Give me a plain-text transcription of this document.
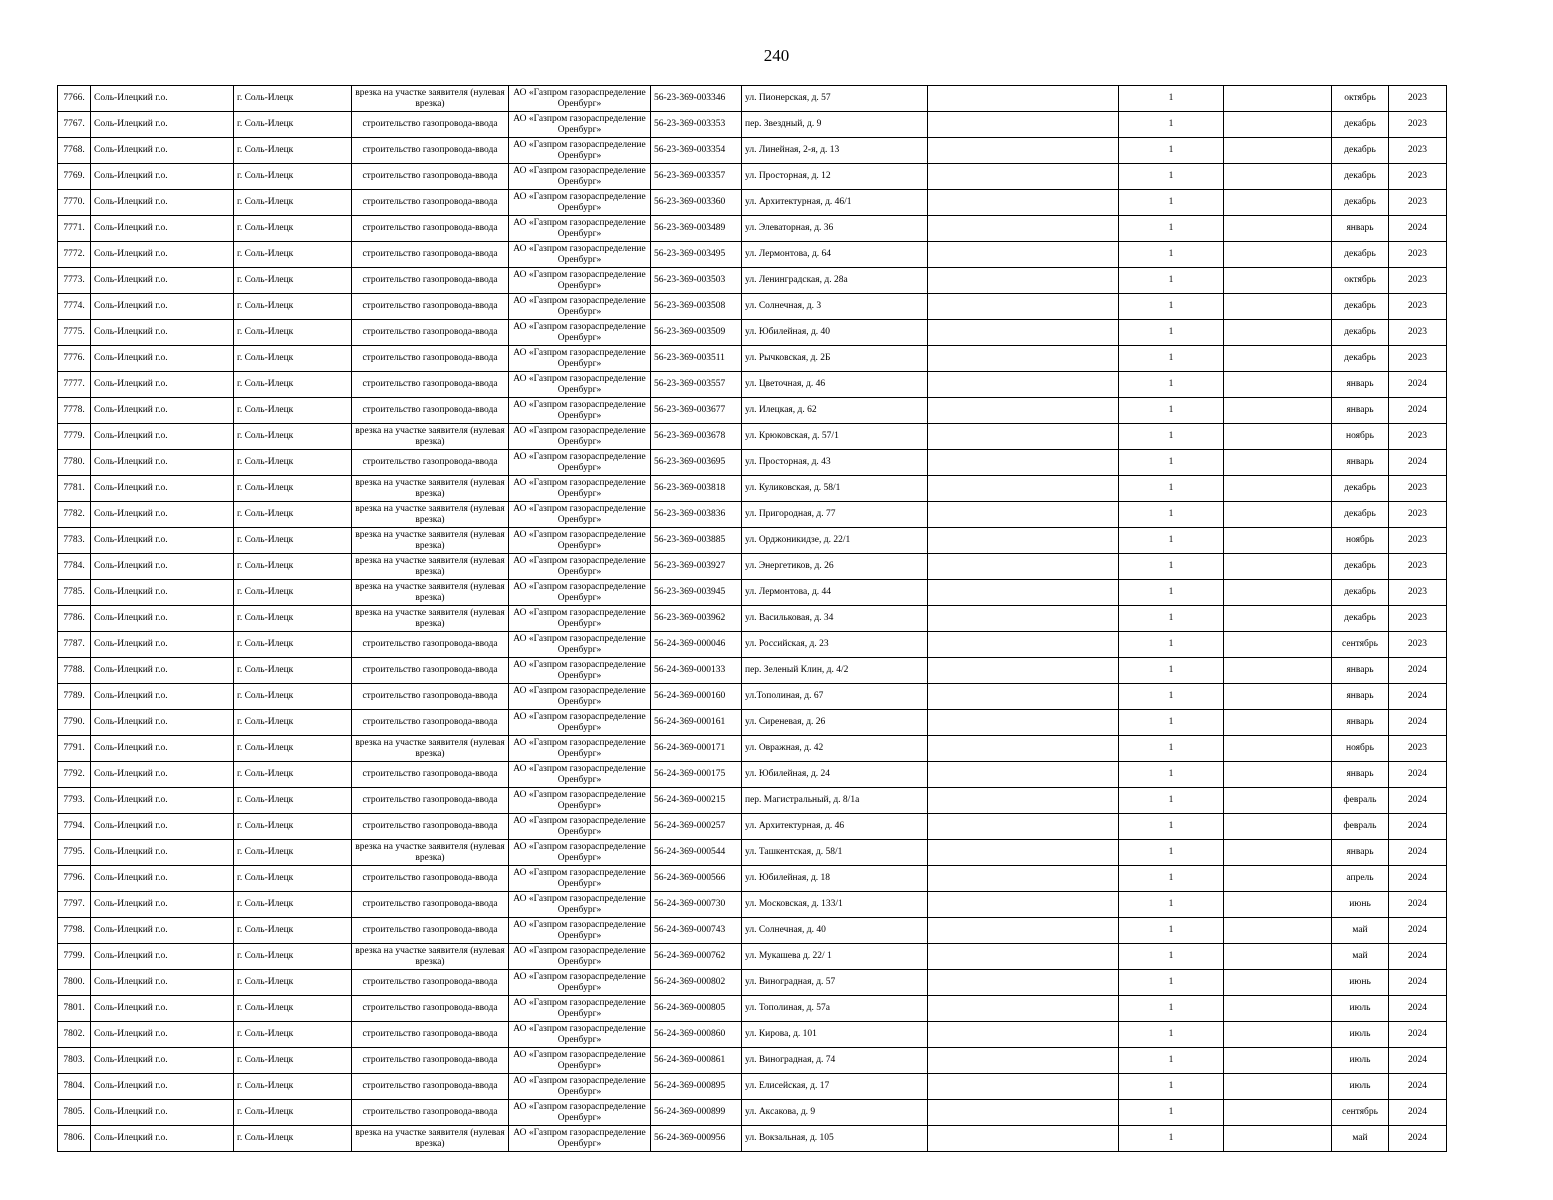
240
7766.	Соль-Илецкий г.о.	г. Соль-Илецк	врезка на участке заявителя (нулевая врезка)	АО «Газпром газораспределение Оренбург»	56-23-369-003346	ул. Пионерская, д. 57		1		октябрь	2023
7767.	Соль-Илецкий г.о.	г. Соль-Илецк	строительство газопровода-ввода	АО «Газпром газораспределение Оренбург»	56-23-369-003353	пер. Звездный, д. 9		1		декабрь	2023
7768.	Соль-Илецкий г.о.	г. Соль-Илецк	строительство газопровода-ввода	АО «Газпром газораспределение Оренбург»	56-23-369-003354	ул. Линейная, 2-я, д. 13		1		декабрь	2023
7769.	Соль-Илецкий г.о.	г. Соль-Илецк	строительство газопровода-ввода	АО «Газпром газораспределение Оренбург»	56-23-369-003357	ул. Просторная, д. 12		1		декабрь	2023
7770.	Соль-Илецкий г.о.	г. Соль-Илецк	строительство газопровода-ввода	АО «Газпром газораспределение Оренбург»	56-23-369-003360	ул. Архитектурная, д. 46/1		1		декабрь	2023
7771.	Соль-Илецкий г.о.	г. Соль-Илецк	строительство газопровода-ввода	АО «Газпром газораспределение Оренбург»	56-23-369-003489	ул. Элеваторная, д. 36		1		январь	2024
7772.	Соль-Илецкий г.о.	г. Соль-Илецк	строительство газопровода-ввода	АО «Газпром газораспределение Оренбург»	56-23-369-003495	ул. Лермонтова, д. 64		1		декабрь	2023
7773.	Соль-Илецкий г.о.	г. Соль-Илецк	строительство газопровода-ввода	АО «Газпром газораспределение Оренбург»	56-23-369-003503	ул. Ленинградская, д. 28а		1		октябрь	2023
7774.	Соль-Илецкий г.о.	г. Соль-Илецк	строительство газопровода-ввода	АО «Газпром газораспределение Оренбург»	56-23-369-003508	ул. Солнечная, д. 3		1		декабрь	2023
7775.	Соль-Илецкий г.о.	г. Соль-Илецк	строительство газопровода-ввода	АО «Газпром газораспределение Оренбург»	56-23-369-003509	ул. Юбилейная, д. 40		1		декабрь	2023
7776.	Соль-Илецкий г.о.	г. Соль-Илецк	строительство газопровода-ввода	АО «Газпром газораспределение Оренбург»	56-23-369-003511	ул. Рычковская, д. 2Б		1		декабрь	2023
7777.	Соль-Илецкий г.о.	г. Соль-Илецк	строительство газопровода-ввода	АО «Газпром газораспределение Оренбург»	56-23-369-003557	ул. Цветочная, д. 46		1		январь	2024
7778.	Соль-Илецкий г.о.	г. Соль-Илецк	строительство газопровода-ввода	АО «Газпром газораспределение Оренбург»	56-23-369-003677	ул. Илецкая, д. 62		1		январь	2024
7779.	Соль-Илецкий г.о.	г. Соль-Илецк	врезка на участке заявителя (нулевая врезка)	АО «Газпром газораспределение Оренбург»	56-23-369-003678	ул. Крюковская, д. 57/1		1		ноябрь	2023
7780.	Соль-Илецкий г.о.	г. Соль-Илецк	строительство газопровода-ввода	АО «Газпром газораспределение Оренбург»	56-23-369-003695	ул. Просторная, д. 43		1		январь	2024
7781.	Соль-Илецкий г.о.	г. Соль-Илецк	врезка на участке заявителя (нулевая врезка)	АО «Газпром газораспределение Оренбург»	56-23-369-003818	ул. Куликовская, д. 58/1		1		декабрь	2023
7782.	Соль-Илецкий г.о.	г. Соль-Илецк	врезка на участке заявителя (нулевая врезка)	АО «Газпром газораспределение Оренбург»	56-23-369-003836	ул. Пригородная, д. 77		1		декабрь	2023
7783.	Соль-Илецкий г.о.	г. Соль-Илецк	врезка на участке заявителя (нулевая врезка)	АО «Газпром газораспределение Оренбург»	56-23-369-003885	ул. Орджоникидзе, д. 22/1		1		ноябрь	2023
7784.	Соль-Илецкий г.о.	г. Соль-Илецк	врезка на участке заявителя (нулевая врезка)	АО «Газпром газораспределение Оренбург»	56-23-369-003927	ул. Энергетиков, д. 26		1		декабрь	2023
7785.	Соль-Илецкий г.о.	г. Соль-Илецк	врезка на участке заявителя (нулевая врезка)	АО «Газпром газораспределение Оренбург»	56-23-369-003945	ул. Лермонтова, д. 44		1		декабрь	2023
7786.	Соль-Илецкий г.о.	г. Соль-Илецк	врезка на участке заявителя (нулевая врезка)	АО «Газпром газораспределение Оренбург»	56-23-369-003962	ул. Васильковая, д. 34		1		декабрь	2023
7787.	Соль-Илецкий г.о.	г. Соль-Илецк	строительство газопровода-ввода	АО «Газпром газораспределение Оренбург»	56-24-369-000046	ул. Российская, д. 23		1		сентябрь	2023
7788.	Соль-Илецкий г.о.	г. Соль-Илецк	строительство газопровода-ввода	АО «Газпром газораспределение Оренбург»	56-24-369-000133	пер. Зеленый Клин, д. 4/2		1		январь	2024
7789.	Соль-Илецкий г.о.	г. Соль-Илецк	строительство газопровода-ввода	АО «Газпром газораспределение Оренбург»	56-24-369-000160	ул.Тополиная, д. 67		1		январь	2024
7790.	Соль-Илецкий г.о.	г. Соль-Илецк	строительство газопровода-ввода	АО «Газпром газораспределение Оренбург»	56-24-369-000161	ул. Сиреневая, д. 26		1		январь	2024
7791.	Соль-Илецкий г.о.	г. Соль-Илецк	врезка на участке заявителя (нулевая врезка)	АО «Газпром газораспределение Оренбург»	56-24-369-000171	ул. Овражная, д. 42		1		ноябрь	2023
7792.	Соль-Илецкий г.о.	г. Соль-Илецк	строительство газопровода-ввода	АО «Газпром газораспределение Оренбург»	56-24-369-000175	ул. Юбилейная, д. 24		1		январь	2024
7793.	Соль-Илецкий г.о.	г. Соль-Илецк	строительство газопровода-ввода	АО «Газпром газораспределение Оренбург»	56-24-369-000215	пер. Магистральный, д. 8/1а		1		февраль	2024
7794.	Соль-Илецкий г.о.	г. Соль-Илецк	строительство газопровода-ввода	АО «Газпром газораспределение Оренбург»	56-24-369-000257	ул. Архитектурная, д. 46		1		февраль	2024
7795.	Соль-Илецкий г.о.	г. Соль-Илецк	врезка на участке заявителя (нулевая врезка)	АО «Газпром газораспределение Оренбург»	56-24-369-000544	ул. Ташкентская, д. 58/1		1		январь	2024
7796.	Соль-Илецкий г.о.	г. Соль-Илецк	строительство газопровода-ввода	АО «Газпром газораспределение Оренбург»	56-24-369-000566	ул. Юбилейная, д. 18		1		апрель	2024
7797.	Соль-Илецкий г.о.	г. Соль-Илецк	строительство газопровода-ввода	АО «Газпром газораспределение Оренбург»	56-24-369-000730	ул. Московская, д. 133/1		1		июнь	2024
7798.	Соль-Илецкий г.о.	г. Соль-Илецк	строительство газопровода-ввода	АО «Газпром газораспределение Оренбург»	56-24-369-000743	ул. Солнечная, д. 40		1		май	2024
7799.	Соль-Илецкий г.о.	г. Соль-Илецк	врезка на участке заявителя (нулевая врезка)	АО «Газпром газораспределение Оренбург»	56-24-369-000762	ул. Мукашева д. 22/ 1		1		май	2024
7800.	Соль-Илецкий г.о.	г. Соль-Илецк	строительство газопровода-ввода	АО «Газпром газораспределение Оренбург»	56-24-369-000802	ул. Виноградная, д. 57		1		июнь	2024
7801.	Соль-Илецкий г.о.	г. Соль-Илецк	строительство газопровода-ввода	АО «Газпром газораспределение Оренбург»	56-24-369-000805	ул. Тополиная, д. 57а		1		июль	2024
7802.	Соль-Илецкий г.о.	г. Соль-Илецк	строительство газопровода-ввода	АО «Газпром газораспределение Оренбург»	56-24-369-000860	ул. Кирова, д. 101		1		июль	2024
7803.	Соль-Илецкий г.о.	г. Соль-Илецк	строительство газопровода-ввода	АО «Газпром газораспределение Оренбург»	56-24-369-000861	ул. Виноградная, д. 74		1		июль	2024
7804.	Соль-Илецкий г.о.	г. Соль-Илецк	строительство газопровода-ввода	АО «Газпром газораспределение Оренбург»	56-24-369-000895	ул. Елисейская, д. 17		1		июль	2024
7805.	Соль-Илецкий г.о.	г. Соль-Илецк	строительство газопровода-ввода	АО «Газпром газораспределение Оренбург»	56-24-369-000899	ул. Аксакова, д. 9		1		сентябрь	2024
7806.	Соль-Илецкий г.о.	г. Соль-Илецк	врезка на участке заявителя (нулевая врезка)	АО «Газпром газораспределение Оренбург»	56-24-369-000956	ул. Вокзальная, д. 105		1		май	2024
